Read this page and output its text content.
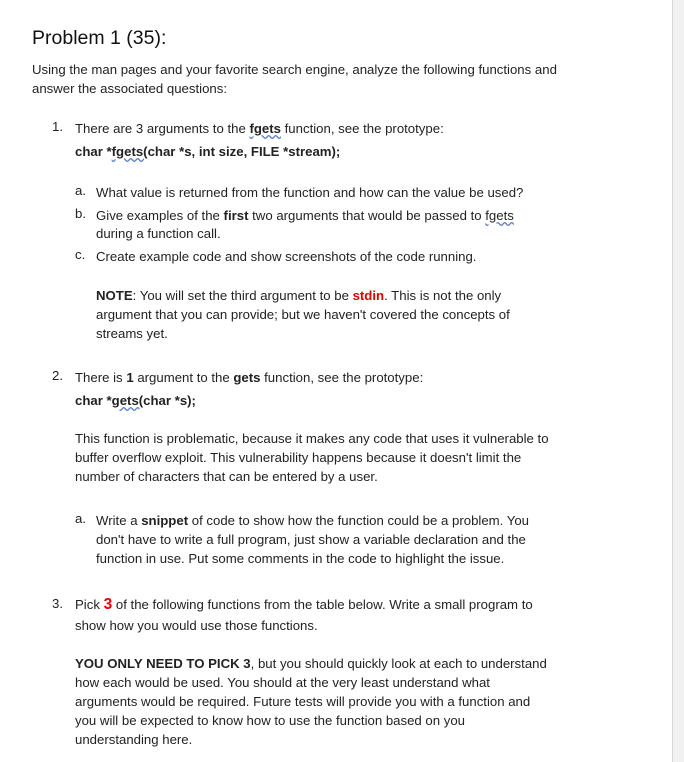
Problem 1 (35):
Using the man pages and your favorite search engine, analyze the following functions and answer the associated questions:
1. There are 3 arguments to the fgets function, see the prototype:
char *fgets(char *s, int size, FILE *stream);
a. What value is returned from the function and how can the value be used?
b. Give examples of the first two arguments that would be passed to fgets
during a function call.
c. Create example code and show screenshots of the code running.
NOTE: You will set the third argument to be stdin. This is not the only
argument that you can provide; but we haven't covered the concepts of
streams yet.
2. There is 1 argument to the gets function, see the prototype:
char *gets(char *s);
This function is problematic, because it makes any code that uses it vulnerable to
buffer overflow exploit. This vulnerability happens because it doesn't limit the
number of characters that can be entered by a user.
a. Write a snippet of code to show how the function could be a problem. You
don't have to write a full program, just show a variable declaration and the
function in use. Put some comments in the code to highlight the issue.
3. Pick 3 of the following functions from the table below. Write a small program to
show how you would use those functions.
YOU ONLY NEED TO PICK 3, but you should quickly look at each to understand
how each would be used. You should at the very least understand what
arguments would be required. Future tests will provide you with a function and
you will be expected to know how to use the function based on you
understanding here.
